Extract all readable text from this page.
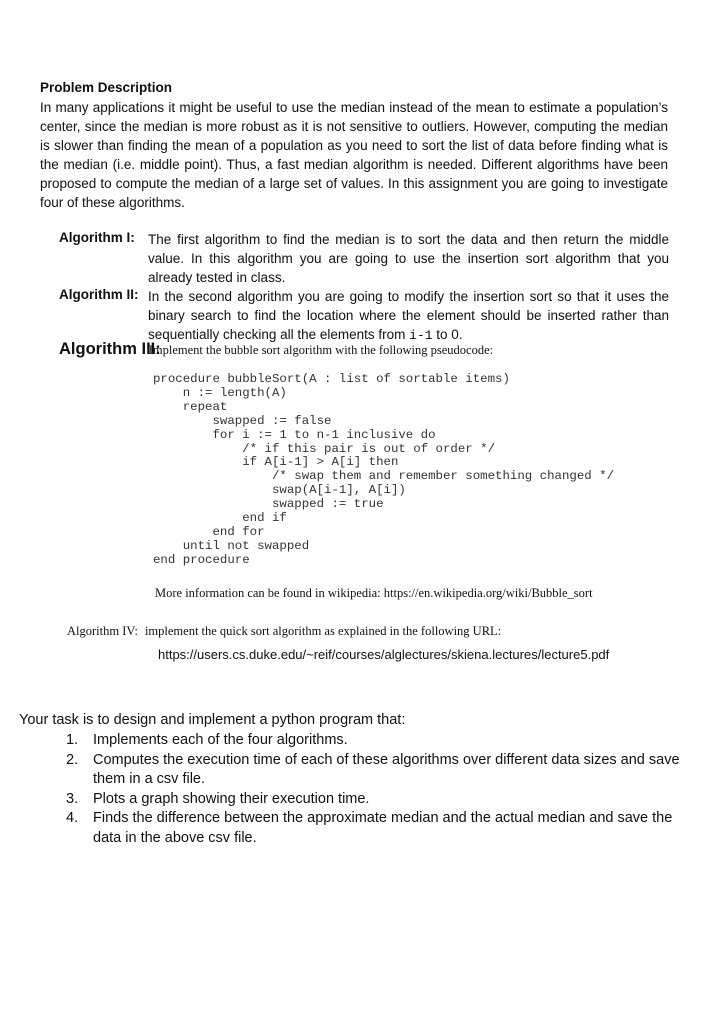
Problem Description
In many applications it might be useful to use the median instead of the mean to estimate a population’s center, since the median is more robust as it is not sensitive to outliers. However, computing the median is slower than finding the mean of a population as you need to sort the list of data before finding what is the median (i.e. middle point). Thus, a fast median algorithm is needed. Different algorithms have been proposed to compute the median of a large set of values. In this assignment you are going to investigate four of these algorithms.
Algorithm I: The first algorithm to find the median is to sort the data and then return the middle value. In this algorithm you are going to use the insertion sort algorithm that you already tested in class.
Algorithm II: In the second algorithm you are going to modify the insertion sort so that it uses the binary search to find the location where the element should be inserted rather than sequentially checking all the elements from i-1 to 0.
Algorithm III:Implement the bubble sort algorithm with the following pseudocode:
procedure bubbleSort(A : list of sortable items)
n := length(A)
repeat
swapped := false
for i := 1 to n-1 inclusive do
/* if this pair is out of order */
if A[i-1] > A[i] then
/* swap them and remember something changed */
swap(A[i-1], A[i])
swapped := true
end if
end for
until not swapped
end procedure
More information can be found in wikipedia: https://en.wikipedia.org/wiki/Bubble_sort
Algorithm IV: implement the quick sort algorithm as explained in the following URL:
https://users.cs.duke.edu/~reif/courses/alglectures/skiena.lectures/lecture5.pdf
Your task is to design and implement a python program that:
1. Implements each of the four algorithms.
2. Computes the execution time of each of these algorithms over different data sizes and save them in a csv file.
3. Plots a graph showing their execution time.
4. Finds the difference between the approximate median and the actual median and save the data in the above csv file.
